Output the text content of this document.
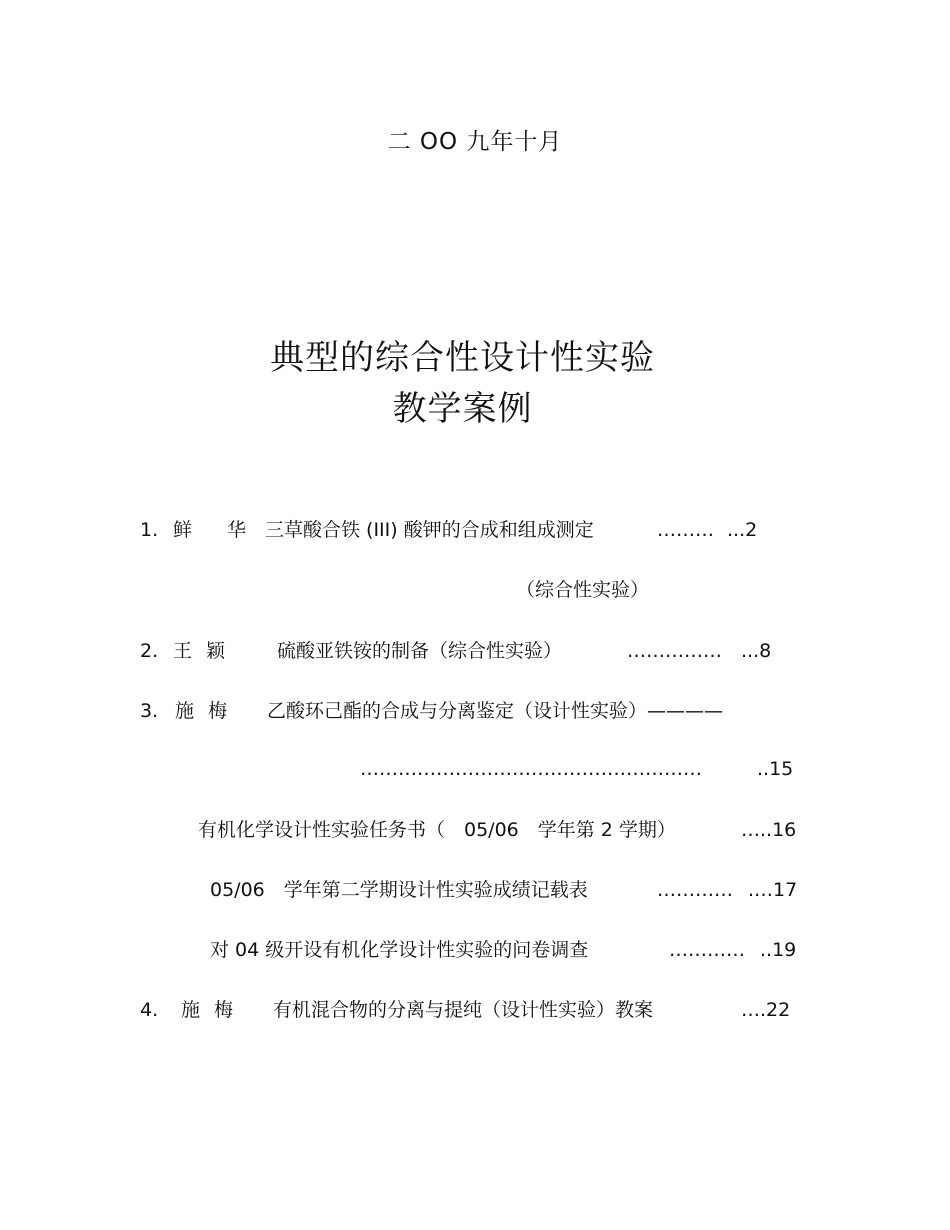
二 OO 九年十月
典型的综合性设计性实验
教学案例
1. 鲜　华 三草酸合铁 (III) 酸钾的合成和组成测定	……… ...2
（综合性实验）
2. 王 颖	硫酸亚铁铵的制备（综合性实验）	…………… ...8
3. 施 梅 乙酸环己酯的合成与分离鉴定（设计性实验）————
………………………………………………	..15
有机化学设计性实验任务书（　05/06　学年第 2 学期）	…..16
05/06　学年第二学期设计性实验成绩记载表	………… .…17
对 04 级开设有机化学设计性实验的问卷调查	………… ..19
4. 施 梅 有机混合物的分离与提纯（设计性实验）教案	….22
